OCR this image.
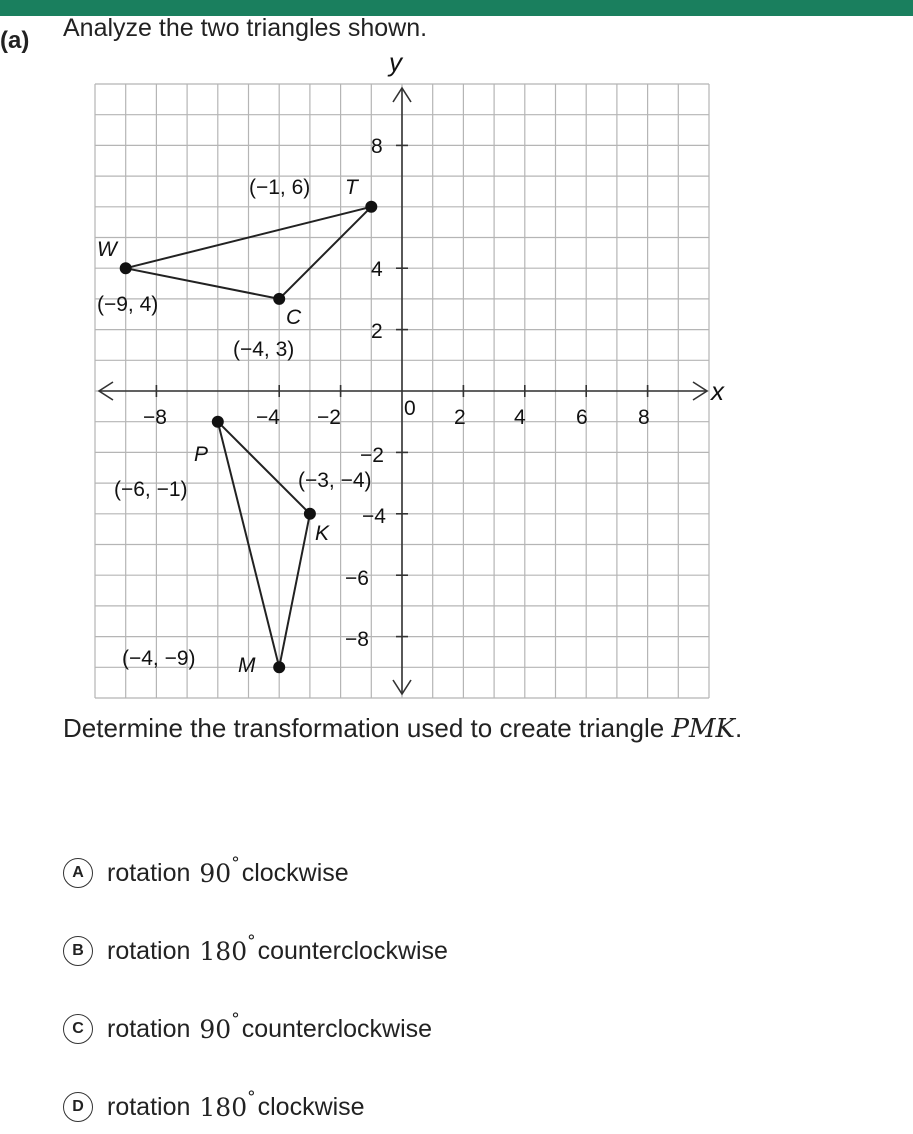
(a) Analyze the two triangles shown.
y
x
−8	−4 −2	0 2 4 6 8
8
4
2
−2
−4
−6
−8
T
W
C
P
K
M
(−1, 6)
(−9, 4)
(−4, 3)
(−6, −1)	(−3, −4)
(−4, −9)
Determine the transformation used to create triangle PMK.
A rotation 90 ° clockwise
B rotation 180 ° counterclockwise
C rotation 90 ° counterclockwise
D rotation 180 ° clockwise
